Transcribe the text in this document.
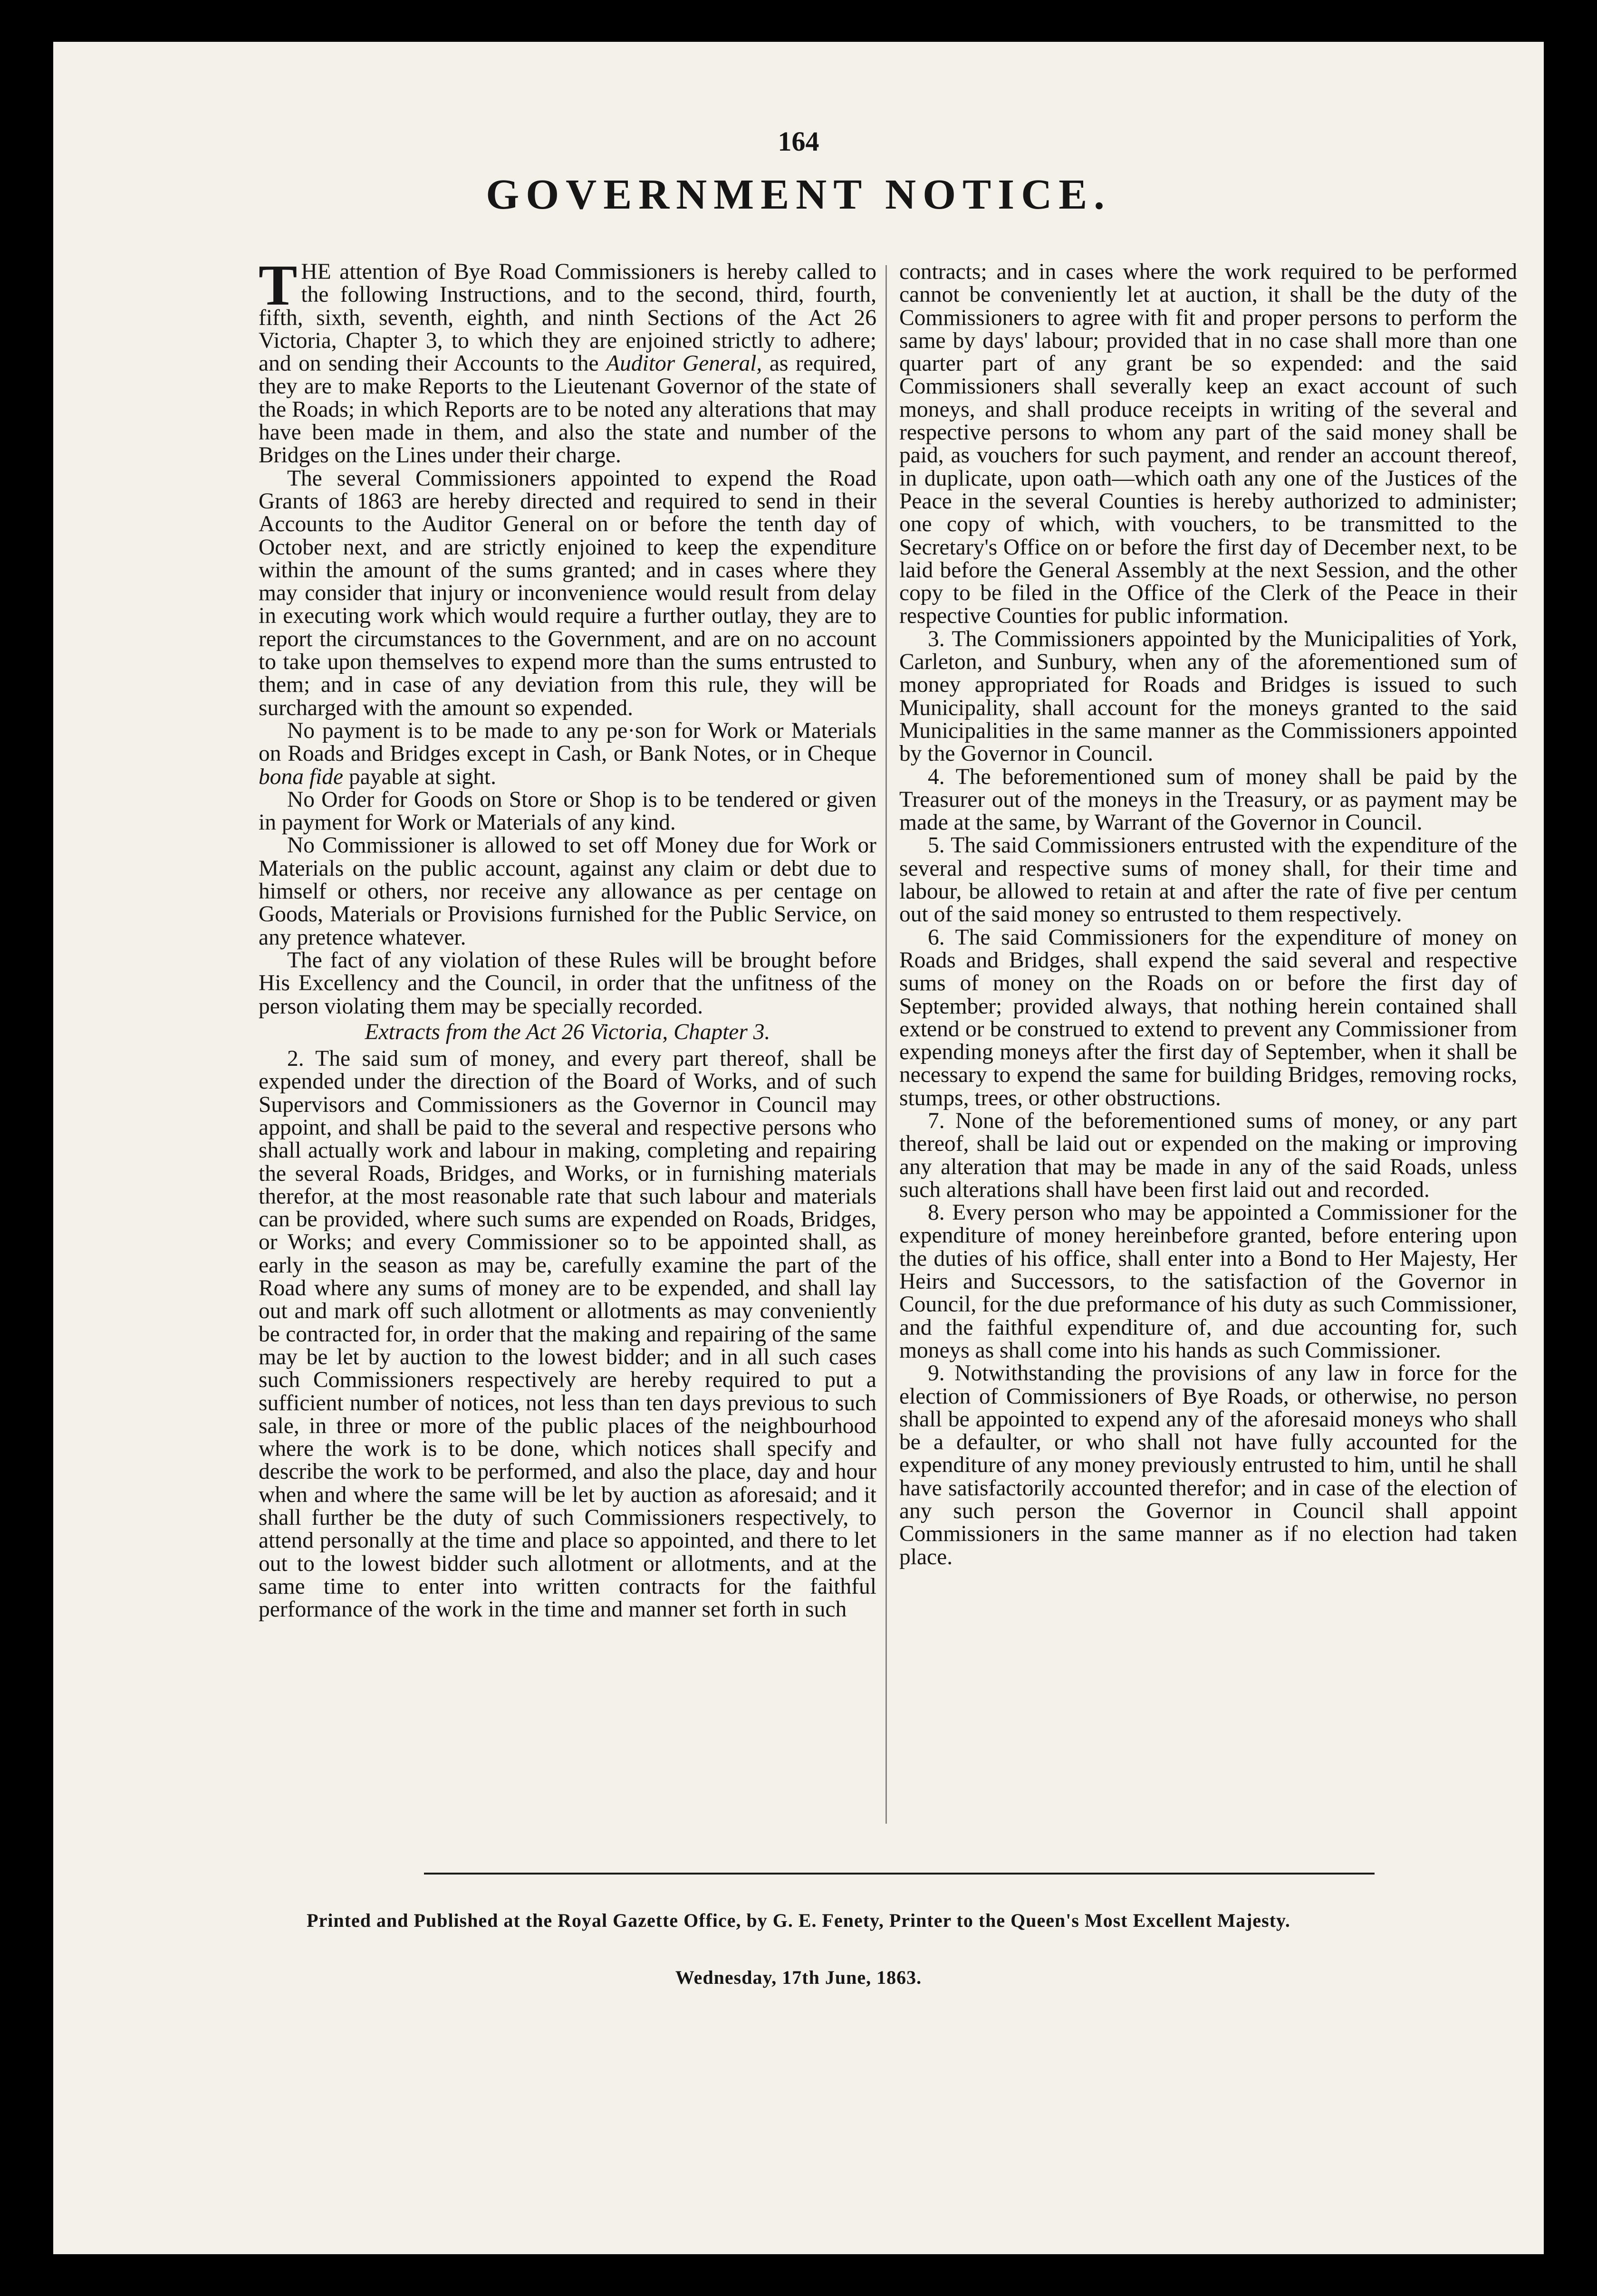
164
GOVERNMENT NOTICE.

THE attention of Bye Road Commissioners is hereby called to the following Instructions, and to the second, third, fourth, fifth, sixth, seventh, eighth, and ninth Sections of the Act 26 Victoria, Chapter 3, to which they are enjoined strictly to adhere; and on sending their Accounts to the Auditor General, as required, they are to make Reports to the Lieutenant Governor of the state of the Roads; in which Reports are to be noted any alterations that may have been made in them, and also the state and number of the Bridges on the Lines under their charge.

The several Commissioners appointed to expend the Road Grants of 1863 are hereby directed and required to send in their Accounts to the Auditor General on or before the tenth day of October next, and are strictly enjoined to keep the expenditure within the amount of the sums granted; and in cases where they may consider that injury or inconvenience would result from delay in executing work which would require a further outlay, they are to report the circumstances to the Government, and are on no account to take upon themselves to expend more than the sums entrusted to them; and in case of any deviation from this rule, they will be surcharged with the amount so expended.

No payment is to be made to any pe·son for Work or Materials on Roads and Bridges except in Cash, or Bank Notes, or in Cheque bona fide payable at sight.

No Order for Goods on Store or Shop is to be tendered or given in payment for Work or Materials of any kind.

No Commissioner is allowed to set off Money due for Work or Materials on the public account, against any claim or debt due to himself or others, nor receive any allowance as per centage on Goods, Materials or Provisions furnished for the Public Service, on any pretence whatever.

The fact of any violation of these Rules will be brought before His Excellency and the Council, in order that the unfitness of the person violating them may be specially recorded.

Extracts from the Act 26 Victoria, Chapter 3.

2. The said sum of money, and every part thereof, shall be expended under the direction of the Board of Works, and of such Supervisors and Commissioners as the Governor in Council may appoint, and shall be paid to the several and respective persons who shall actually work and labour in making, completing and repairing the several Roads, Bridges, and Works, or in furnishing materials therefor, at the most reasonable rate that such labour and materials can be provided, where such sums are expended on Roads, Bridges, or Works; and every Commissioner so to be appointed shall, as early in the season as may be, carefully examine the part of the Road where any sums of money are to be expended, and shall lay out and mark off such allotment or allotments as may conveniently be contracted for, in order that the making and repairing of the same may be let by auction to the lowest bidder; and in all such cases such Commissioners respectively are hereby required to put a sufficient number of notices, not less than ten days previous to such sale, in three or more of the public places of the neighbourhood where the work is to be done, which notices shall specify and describe the work to be performed, and also the place, day and hour when and where the same will be let by auction as aforesaid; and it shall further be the duty of such Commissioners respectively, to attend personally at the time and place so appointed, and there to let out to the lowest bidder such allotment or allotments, and at the same time to enter into written contracts for the faithful performance of the work in the time and manner set forth in such

contracts; and in cases where the work required to be performed cannot be conveniently let at auction, it shall be the duty of the Commissioners to agree with fit and proper persons to perform the same by days' labour; provided that in no case shall more than one quarter part of any grant be so expended: and the said Commissioners shall severally keep an exact account of such moneys, and shall produce receipts in writing of the several and respective persons to whom any part of the said money shall be paid, as vouchers for such payment, and render an account thereof, in duplicate, upon oath—which oath any one of the Justices of the Peace in the several Counties is hereby authorized to administer; one copy of which, with vouchers, to be transmitted to the Secretary's Office on or before the first day of December next, to be laid before the General Assembly at the next Session, and the other copy to be filed in the Office of the Clerk of the Peace in their respective Counties for public information.

3. The Commissioners appointed by the Municipalities of York, Carleton, and Sunbury, when any of the aforementioned sum of money appropriated for Roads and Bridges is issued to such Municipality, shall account for the moneys granted to the said Municipalities in the same manner as the Commissioners appointed by the Governor in Council.

4. The beforementioned sum of money shall be paid by the Treasurer out of the moneys in the Treasury, or as payment may be made at the same, by Warrant of the Governor in Council.

5. The said Commissioners entrusted with the expenditure of the several and respective sums of money shall, for their time and labour, be allowed to retain at and after the rate of five per centum out of the said money so entrusted to them respectively.

6. The said Commissioners for the expenditure of money on Roads and Bridges, shall expend the said several and respective sums of money on the Roads on or before the first day of September; provided always, that nothing herein contained shall extend or be construed to extend to prevent any Commissioner from expending moneys after the first day of September, when it shall be necessary to expend the same for building Bridges, removing rocks, stumps, trees, or other obstructions.

7. None of the beforementioned sums of money, or any part thereof, shall be laid out or expended on the making or improving any alteration that may be made in any of the said Roads, unless such alterations shall have been first laid out and recorded.

8. Every person who may be appointed a Commissioner for the expenditure of money hereinbefore granted, before entering upon the duties of his office, shall enter into a Bond to Her Majesty, Her Heirs and Successors, to the satisfaction of the Governor in Council, for the due preformance of his duty as such Commissioner, and the faithful expenditure of, and due accounting for, such moneys as shall come into his hands as such Commissioner.

9. Notwithstanding the provisions of any law in force for the election of Commissioners of Bye Roads, or otherwise, no person shall be appointed to expend any of the aforesaid moneys who shall be a defaulter, or who shall not have fully accounted for the expenditure of any money previously entrusted to him, until he shall have satisfactorily accounted therefor; and in case of the election of any such person the Governor in Council shall appoint Commissioners in the same manner as if no election had taken place.

Printed and Published at the Royal Gazette Office, by G. E. Fenety, Printer to the Queen's Most Excellent Majesty.
Wednesday, 17th June, 1863.
